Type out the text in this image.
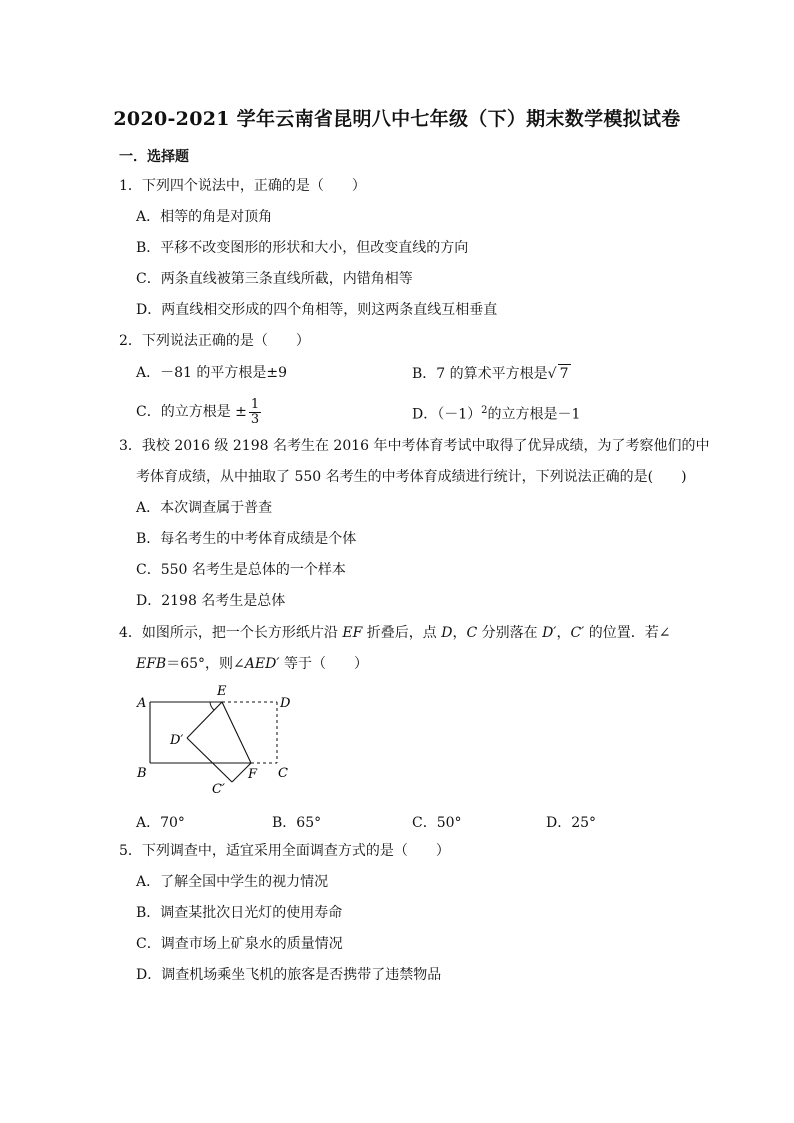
2020-2021 学年云南省昆明八中七年级（下）期末数学模拟试卷
一．选择题
1．下列四个说法中，正确的是（　　）
A．相等的角是对顶角
B．平移不改变图形的形状和大小，但改变直线的方向
C．两条直线被第三条直线所截，内错角相等
D．两直线相交形成的四个角相等，则这两条直线互相垂直
2．下列说法正确的是（　　）
A．－81 的平方根是±9	B．7 的算术平方根是√ 7
C．的立方根是 ± $\frac{1}{3}$	D．$(-1)^2$的立方根是－1
3．我校 2016 级 2198 名考生在 2016 年中考体育考试中取得了优异成绩，为了考察他们的中
考体育成绩，从中抽取了 550 名考生的中考体育成绩进行统计，下列说法正确的是(　　)
A．本次调查属于普查
B．每名考生的中考体育成绩是个体
C．550 名考生是总体的一个样本
D．2198 名考生是总体
4．如图所示，把一个长方形纸片沿 EF 折叠后，点 D，C 分别落在 D′，C′ 的位置．若∠
EFB＝65°，则∠AED′ 等于（　　）
A
E
D
D′
B	F C
C′
A．70°	B．65°	C．50°	D．25°
5．下列调查中，适宜采用全面调查方式的是（　　）
A．了解全国中学生的视力情况
B．调查某批次日光灯的使用寿命
C．调查市场上矿泉水的质量情况
D．调查机场乘坐飞机的旅客是否携带了违禁物品
